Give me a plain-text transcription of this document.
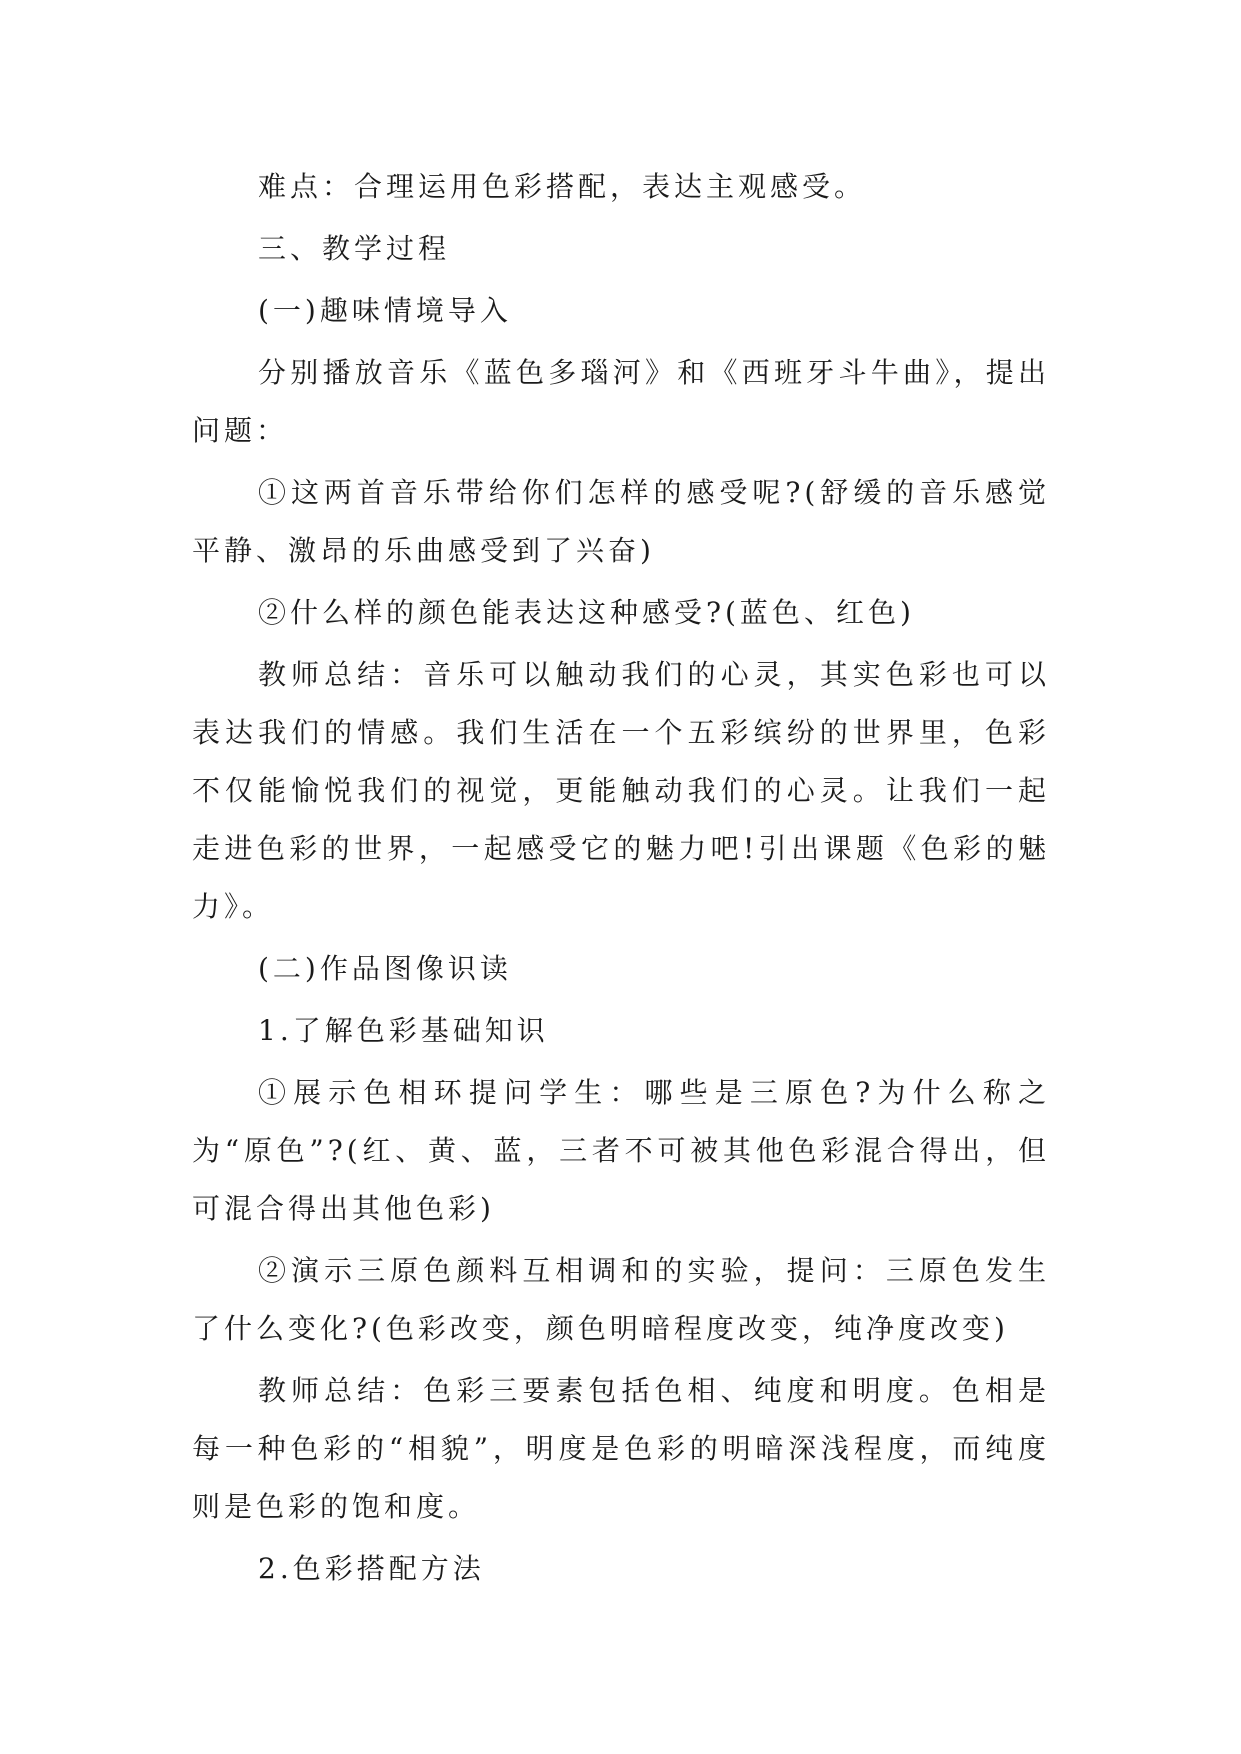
难点：合理运用色彩搭配，表达主观感受。

三、教学过程

(一)趣味情境导入

分别播放音乐《蓝色多瑙河》和《西班牙斗牛曲》，提出问题：

①这两首音乐带给你们怎样的感受呢?(舒缓的音乐感觉平静、激昂的乐曲感受到了兴奋)

②什么样的颜色能表达这种感受?(蓝色、红色)

教师总结：音乐可以触动我们的心灵，其实色彩也可以表达我们的情感。我们生活在一个五彩缤纷的世界里，色彩不仅能愉悦我们的视觉，更能触动我们的心灵。让我们一起走进色彩的世界，一起感受它的魅力吧!引出课题《色彩的魅力》。

(二)作品图像识读

1.了解色彩基础知识

①展示色相环提问学生：哪些是三原色?为什么称之为“原色”?(红、黄、蓝，三者不可被其他色彩混合得出，但可混合得出其他色彩)

②演示三原色颜料互相调和的实验，提问：三原色发生了什么变化?(色彩改变，颜色明暗程度改变，纯净度改变)

教师总结：色彩三要素包括色相、纯度和明度。色相是每一种色彩的“相貌”，明度是色彩的明暗深浅程度，而纯度则是色彩的饱和度。

2.色彩搭配方法
